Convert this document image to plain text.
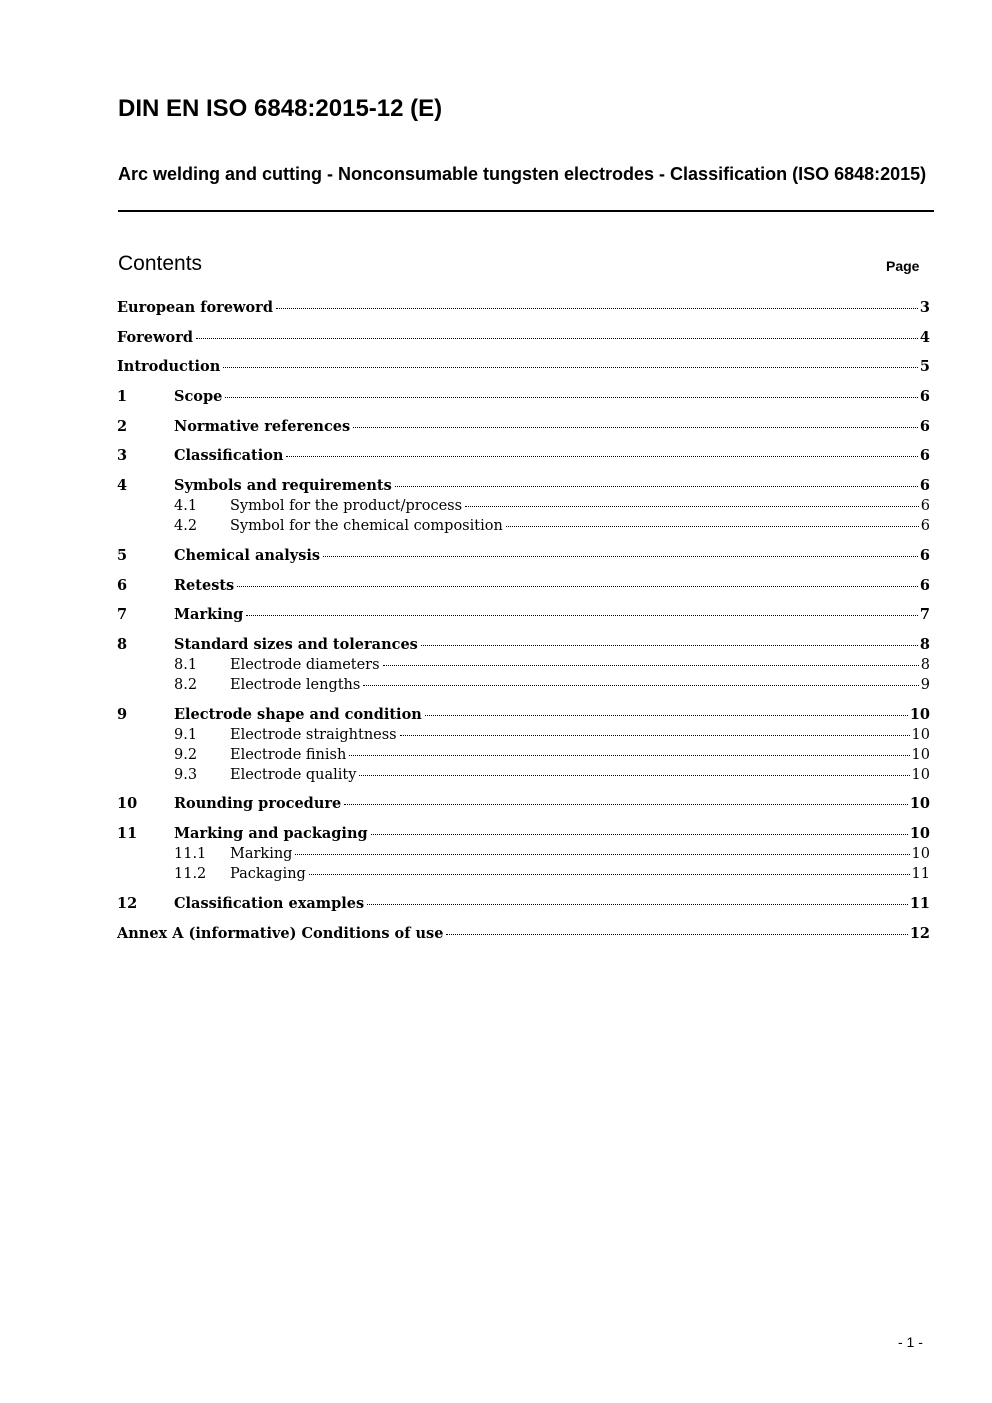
DIN EN ISO 6848:2015-12 (E)
Arc welding and cutting - Nonconsumable tungsten electrodes - Classification (ISO 6848:2015)
Contents	Page
European foreword	3
Foreword	4
Introduction	5
1	Scope	6
2	Normative references	6
3	Classification	6
4	Symbols and requirements	6
4.1	Symbol for the product/process	6
4.2	Symbol for the chemical composition	6
5	Chemical analysis	6
6	Retests	6
7	Marking	7
8	Standard sizes and tolerances	8
8.1	Electrode diameters	8
8.2	Electrode lengths	9
9	Electrode shape and condition	10
9.1	Electrode straightness	10
9.2	Electrode finish	10
9.3	Electrode quality	10
10	Rounding procedure	10
11	Marking and packaging	10
11.1	Marking	10
11.2	Packaging	11
12	Classification examples	11
Annex A (informative) Conditions of use	12
- 1 -
